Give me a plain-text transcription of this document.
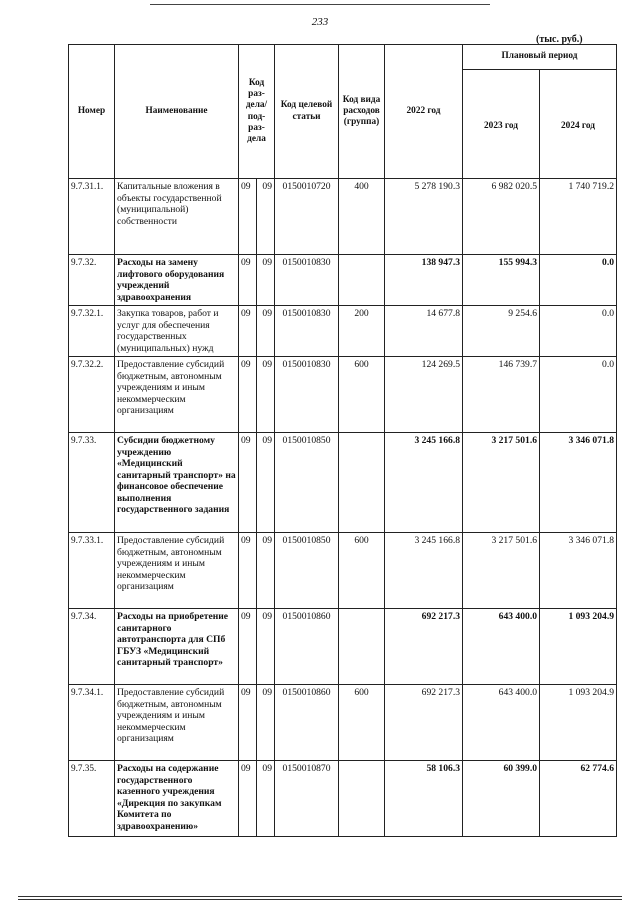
233
(тыс. руб.)
Номер	Наименование	Код раз-дела/ под-раз-дела		Код целевой статьи	Код вида расходов (группа)	2022 год	Плановый период	
							2023 год	2024 год
9.7.31.1.	Капитальные вложения в объекты государственной (муниципальной) собственности	09	09	0150010720	400	5 278 190.3	6 982 020.5	1 740 719.2
9.7.32.	Расходы на замену лифтового оборудования учреждений здравоохранения	09	09	0150010830		138 947.3	155 994.3	0.0
9.7.32.1.	Закупка товаров, работ и услуг для обеспечения государственных (муниципальных) нужд	09	09	0150010830	200	14 677.8	9 254.6	0.0
9.7.32.2.	Предоставление субсидий бюджетным, автономным учреждениям и иным некоммерческим организациям	09	09	0150010830	600	124 269.5	146 739.7	0.0
9.7.33.	Субсидии бюджетному учреждению «Медицинский санитарный транспорт» на финансовое обеспечение выполнения государственного задания	09	09	0150010850		3 245 166.8	3 217 501.6	3 346 071.8
9.7.33.1.	Предоставление субсидий бюджетным, автономным учреждениям и иным некоммерческим организациям	09	09	0150010850	600	3 245 166.8	3 217 501.6	3 346 071.8
9.7.34.	Расходы на приобретение санитарного автотранспорта для СПб ГБУЗ «Медицинский санитарный транспорт»	09	09	0150010860		692 217.3	643 400.0	1 093 204.9
9.7.34.1.	Предоставление субсидий бюджетным, автономным учреждениям и иным некоммерческим организациям	09	09	0150010860	600	692 217.3	643 400.0	1 093 204.9
9.7.35.	Расходы на содержание государственного казенного учреждения «Дирекция по закупкам Комитета по здравоохранению»	09	09	0150010870		58 106.3	60 399.0	62 774.6
